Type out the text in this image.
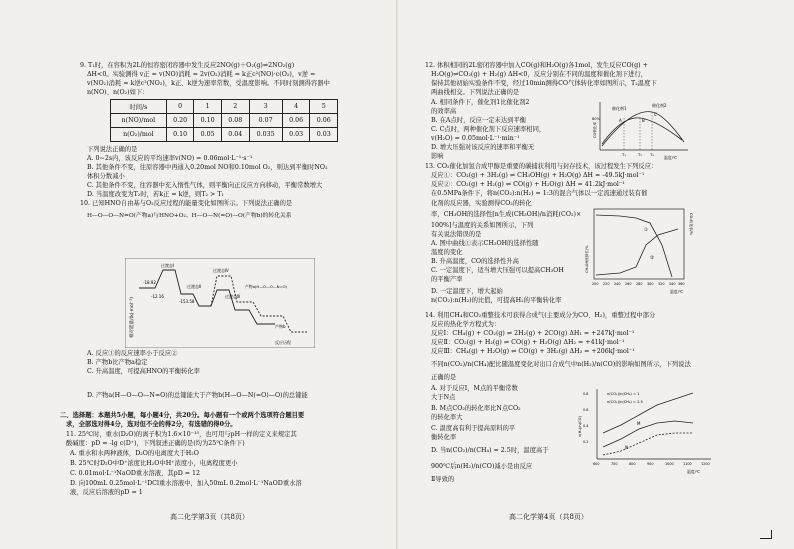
9. T₁时，在容积为2L的恒容密闭容器中发生反应2NO(g)＋O₂(g)⇌2NO₂(g)
ΔH<0。实验测得 v正 = v(NO)消耗 = 2v(O₂)消耗 = k正c²(NO)·c(O₂)，v逆 =
v(NO₂)消耗 = k逆c²(NO₂)，k正、k逆为速率常数，受温度影响。不同时刻测得容器中
n(NO)、n(O₂)如下：
时间/s	0	1	2	3	4	5
n(NO)/mol	0.20	0.10	0.08	0.07	0.06	0.06
n(O₂)/mol	0.10	0.05	0.04	0.035	0.03	0.03
下列说法正确的是
A. 0~2s内，该反应的平均速率v(NO) = 0.06mol·L⁻¹·s⁻¹
B. 其他条件不变，往原容器中再通入0.20mol NO和0.10mol O₂，则达到平衡时NO₂
体积分数减小
C. 其他条件不变，往容器中充入惰性气体，则平衡向正反应方向移动，平衡常数增大
D. 当温度改变为T₂时，若k正 = k逆，则T₂ > T₁
10. 已知HNO自由基与O₂反应过程的能量变化如图所示。下列说法正确的是
H—O—O—N=O(产物a)与HNO+O₂、H—O—N(=O)—O(产物b)的转化关系
相对能量/(kJ·mol⁻¹)
过渡态Ⅰ
-18.92
过渡态Ⅳ
-153.58
-12.16
过渡态Ⅱ
过渡态Ⅲ
产物a(H—O—O—N=O)
产物b
反应历程
A. 反应①的反应速率小于反应②
B. 产物b比产物a稳定
C. 升高温度，可提高HNO的平衡转化率
D. 产物a(H—O—O—N=O)的总键能大于产物b(H—O—N(=O)—O)的总键能
二、选择题：本题共5小题，每小题4分，共20分。每小题有一个或两个选项符合题目要
求，全部选对得4分，选对但不全的得2分，有选错的得0分。
11. 25℃时，重水(D₂O)的离子积为1.6×10⁻¹⁵，也可用与pH一样的定义来规定其
酸碱度：pD = -lg c(D⁺)，下列叙述正确的是(均为25℃条件下)
A. 重水和水两种液体，D₂O的电离度大于H₂O
B. 25℃时D₂O中D⁺浓度比H₂O中H⁺浓度小，电离程度更小
C. 0.01mol·L⁻¹NaOD重水溶液，其pD = 12
D. 向100mL 0.25mol·L⁻¹DCl重水溶液中，加入50mL 0.2mol·L⁻¹NaOD重水溶
液，反应后溶液的pD = 1
高二化学第3页（共8页）
12. 体积相同的2L密闭容器中加入CO(g)和H₂O(g)各1mol，发生反应CO(g) +
H₂O(g)⇌CO₂(g) + H₂(g) ΔH<0，反应分别在不同的温度和催化剂下进行，
保持其他初始实验条件不变，经过10min测得CO气体转化率如图所示，T₂温度下
两曲线相交。下列说法正确的是
A. 相同条件下，催化剂1比催化剂2
的效率高
B. 在A点时，反应一定未达到平衡
C. C点时，两种催化剂下反应速率相同，
v(H₂O) = 0.05mol·L⁻¹·min⁻¹
D. 增大压强对该反应的速率和平衡无
影响
催化剂1
催化剂2
A	B
C
T₁	T₂ T₃
80%
温度/℃
CO转化率
13. CO₂催化加氢合成甲醇是重要的碳捕获利用与封存技术，该过程发生下列反应：
反应①：CO₂(g) + 3H₂(g) ⇌ CH₃OH(g) + H₂O(g) ΔH = -49.5kJ·mol⁻¹
反应②：CO₂(g) + H₂(g) ⇌ CO(g) + H₂O(g) ΔH = 41.2kJ·mol⁻¹
在0.5MPa条件下，将n(CO₂):n(H₂) = 1:3的混合气体以一定流速通过装有催
化剂的反应器，实验测得CO₂的转化
率，CH₃OH的选择性[n生成(CH₃OH)/n消耗(CO₂)×
100%]与温度的关系如图所示，下列
有关说法错误的是
A. 图中曲线①表示CH₃OH的选择性随
温度的变化
B. 升高温度，CO的选择性升高
C. 一定温度下，适当增大压强可以提高CH₃OH
的平衡产率
D. 一定温度下，增大起始
n(CO₂):n(H₂)的比值，可提高H₂的平衡转化率
①
②
200 220 240 260 280 300 320 340 360
温度/℃
CH₃OH选择性/%
CO₂转化率/%
14. 利用CH₄和CO₂重整技术可获得合成气(主要成分为CO、H₂)，重整过程中部分
反应的热化学方程式为：
反应Ⅰ：CH₄(g) + CO₂(g) ⇌ 2H₂(g) + 2CO(g) ΔH₁ = +247kJ·mol⁻¹
反应Ⅱ：CO₂(g) + H₂(g) ⇌ CO(g) + H₂O(g) ΔH₂ = +41kJ·mol⁻¹
反应Ⅲ：CH₄(g) + H₂O(g) ⇌ CO(g) + 3H₂(g) ΔH₃ = +206kJ·mol⁻¹
不同n(CO₂)/n(CH₄)配比随温度变化对出口合成气中n(H₂)/n(CO)的影响如图所示，下列说法
正确的是
A. 对于反应Ⅰ，M点的平衡常数
大于N点
B. M点CO₂的转化率比N点CO₂
的转化率大
C. 温度高有利于提高原料的平
衡转化率
D. 当n(CO₂)/n(CH₄) = 2.5时，温度高于
900℃后n(H₂)/n(CO)减小是由反应
Ⅱ导致的
n(CO₂)/n(CH₄) = 1
n(CO₂)/n(CH₄) = 2.5
M
N
600	700	800	900	1000	1100	1200
0.2
0.4
0.6
0.8
温度/℃
n(H₂)/n(CO)
高二化学第4页（共8页）
